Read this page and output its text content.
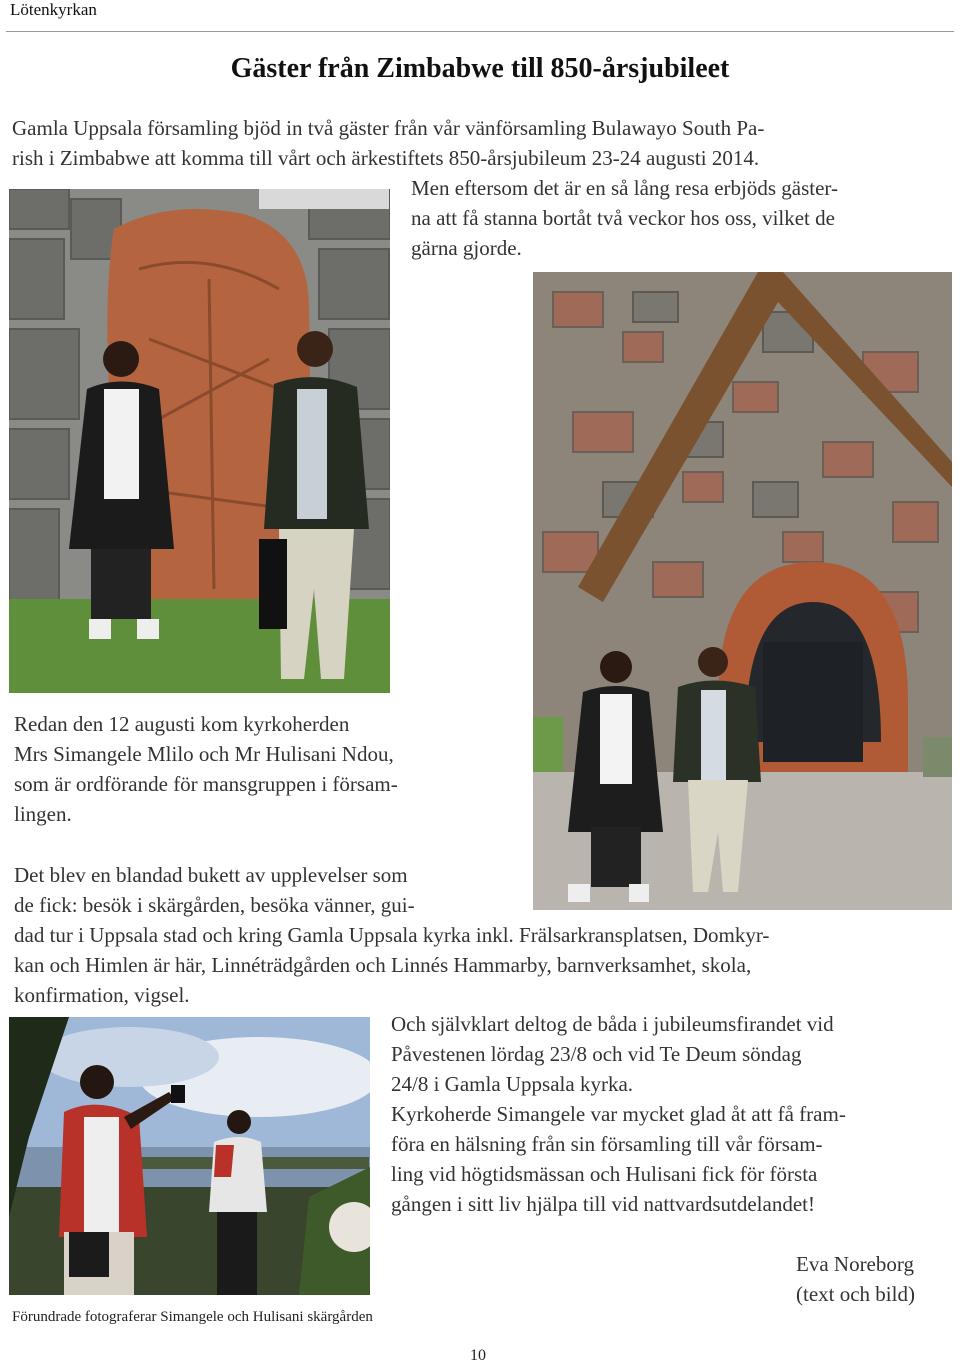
Lötenkyrkan
Gäster från Zimbabwe till 850-årsjubileet
Gamla Uppsala församling bjöd in två gäster från vår vänförsamling Bulawayo South Pa-
rish i Zimbabwe att komma till vårt och ärkestiftets 850-årsjubileum 23-24 augusti 2014.
Men eftersom det är en så lång resa erbjöds gäster-
na att få stanna bortåt två veckor hos oss, vilket de
gärna gjorde.
Redan den 12 augusti kom kyrkoherden
Mrs Simangele Mlilo och Mr Hulisani Ndou,
som är ordförande för mansgruppen i försam-
lingen.
Det blev en blandad bukett av upplevelser som
de fick: besök i skärgården, besöka vänner, gui-
dad tur i Uppsala stad och kring Gamla Uppsala kyrka inkl. Frälsarkransplatsen, Domkyr-
kan och Himlen är här, Linnéträdgården och Linnés Hammarby, barnverksamhet, skola,
konfirmation, vigsel.
Och självklart deltog de båda i jubileumsfirandet vid
Påvestenen lördag 23/8 och vid Te Deum söndag
24/8 i Gamla Uppsala kyrka.
Kyrkoherde Simangele var mycket glad åt att få fram-
föra en hälsning från sin församling till vår försam-
ling vid högtidsmässan och Hulisani fick för första
gången i sitt liv hjälpa till vid nattvardsutdelandet!
Eva Noreborg
(text och bild)
Förundrade fotograferar Simangele och Hulisani skärgården
10
